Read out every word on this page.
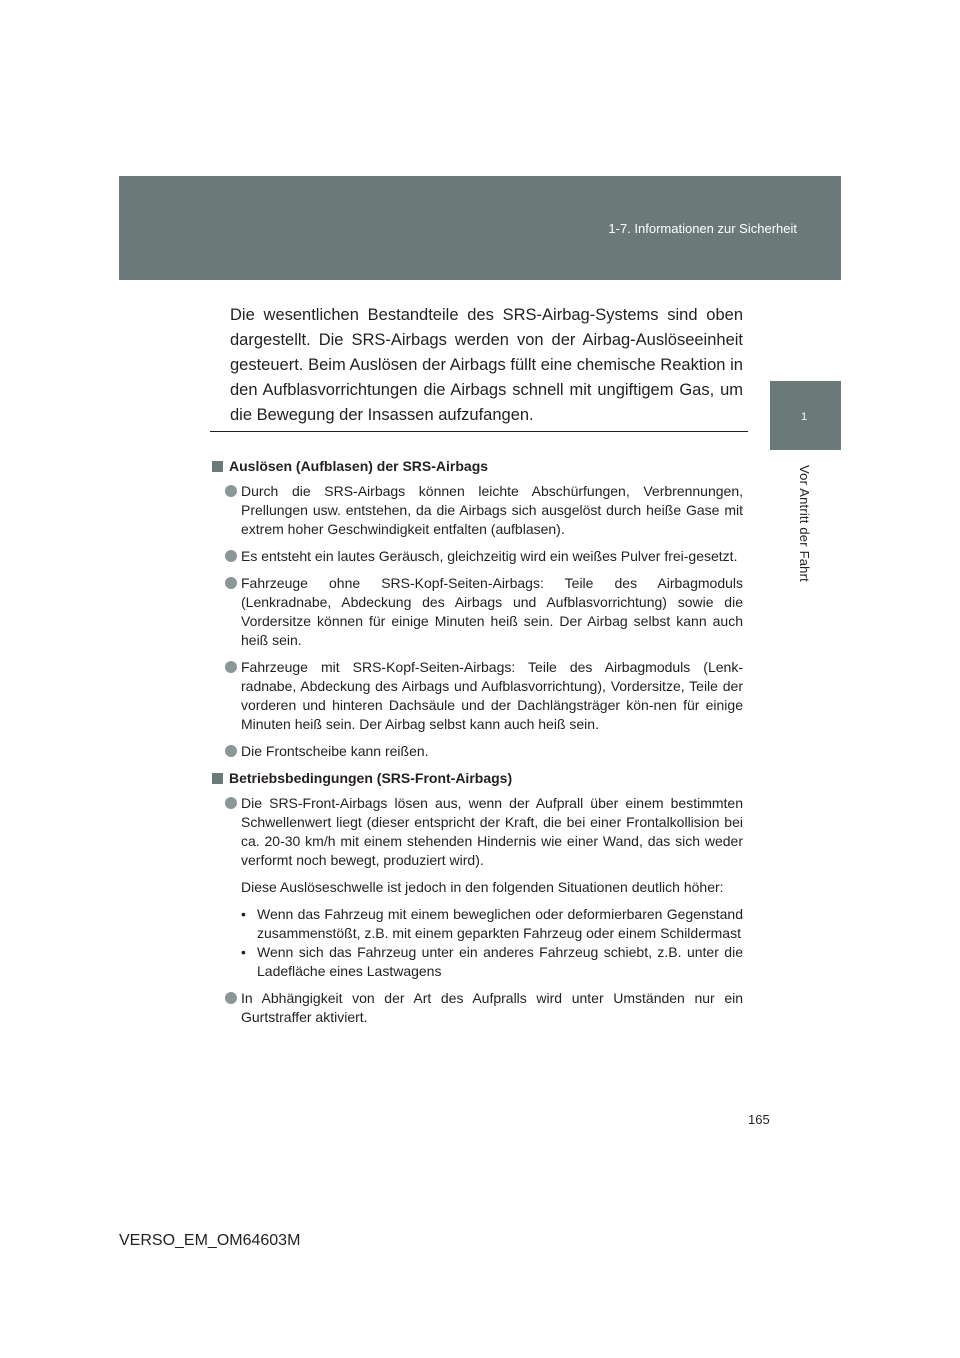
1-7. Informationen zur Sicherheit
1
Vor Antritt der Fahrt
Die wesentlichen Bestandteile des SRS-Airbag-Systems sind oben dargestellt. Die SRS-Airbags werden von der Airbag-Auslöseeinheit gesteuert. Beim Auslösen der Airbags füllt eine chemische Reaktion in den Aufblasvorrichtungen die Airbags schnell mit ungiftigem Gas, um die Bewegung der Insassen aufzufangen.
Auslösen (Aufblasen) der SRS-Airbags
Durch die SRS-Airbags können leichte Abschürfungen, Verbrennungen, Prellungen usw. entstehen, da die Airbags sich ausgelöst durch heiße Gase mit extrem hoher Geschwindigkeit entfalten (aufblasen).
Es entsteht ein lautes Geräusch, gleichzeitig wird ein weißes Pulver frei-gesetzt.
Fahrzeuge ohne SRS-Kopf-Seiten-Airbags: Teile des Airbagmoduls (Lenkradnabe, Abdeckung des Airbags und Aufblasvorrichtung) sowie die Vordersitze können für einige Minuten heiß sein. Der Airbag selbst kann auch heiß sein.
Fahrzeuge mit SRS-Kopf-Seiten-Airbags: Teile des Airbagmoduls (Lenk-radnabe, Abdeckung des Airbags und Aufblasvorrichtung), Vordersitze, Teile der vorderen und hinteren Dachsäule und der Dachlängsträger kön-nen für einige Minuten heiß sein. Der Airbag selbst kann auch heiß sein.
Die Frontscheibe kann reißen.
Betriebsbedingungen (SRS-Front-Airbags)
Die SRS-Front-Airbags lösen aus, wenn der Aufprall über einem bestimmten Schwellenwert liegt (dieser entspricht der Kraft, die bei einer Frontalkollision bei ca. 20-30 km/h mit einem stehenden Hindernis wie einer Wand, das sich weder verformt noch bewegt, produziert wird).
Diese Auslöseschwelle ist jedoch in den folgenden Situationen deutlich höher:
• Wenn das Fahrzeug mit einem beweglichen oder deformierbaren Gegenstand zusammenstößt, z.B. mit einem geparkten Fahrzeug oder einem Schildermast
• Wenn sich das Fahrzeug unter ein anderes Fahrzeug schiebt, z.B. unter die Ladefläche eines Lastwagens
In Abhängigkeit von der Art des Aufpralls wird unter Umständen nur ein Gurtstraffer aktiviert.
165
VERSO_EM_OM64603M
